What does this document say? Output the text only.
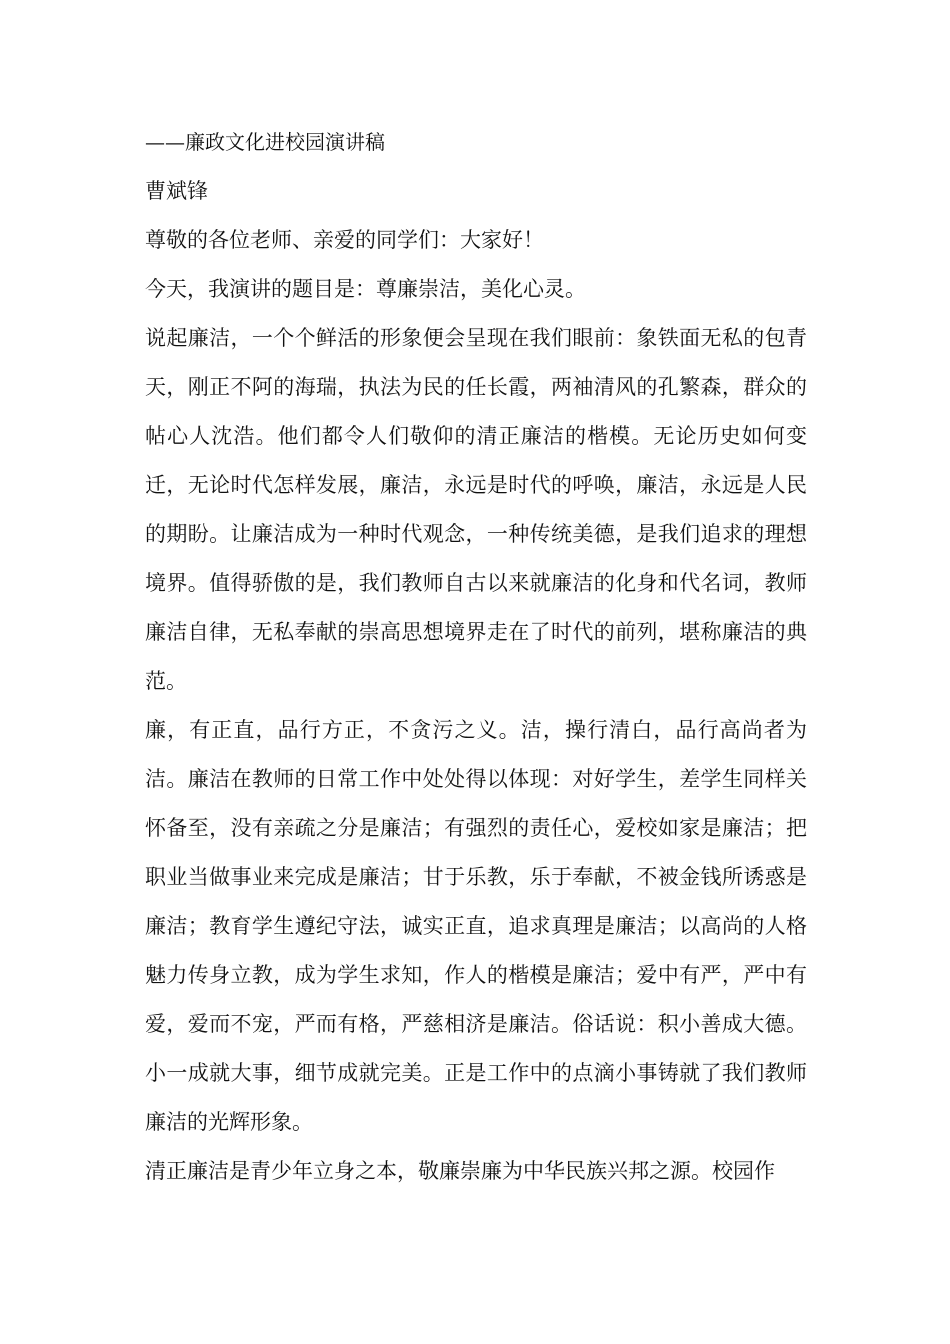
——廉政文化进校园演讲稿

曹斌锋

尊敬的各位老师、亲爱的同学们：大家好！

今天，我演讲的题目是：尊廉崇洁，美化心灵。

说起廉洁，一个个鲜活的形象便会呈现在我们眼前：象铁面无私的包青天，刚正不阿的海瑞，执法为民的任长霞，两袖清风的孔繁森，群众的帖心人沈浩。他们都令人们敬仰的清正廉洁的楷模。无论历史如何变迁，无论时代怎样发展，廉洁，永远是时代的呼唤，廉洁，永远是人民的期盼。让廉洁成为一种时代观念，一种传统美德，是我们追求的理想境界。值得骄傲的是，我们教师自古以来就廉洁的化身和代名词，教师廉洁自律，无私奉献的崇高思想境界走在了时代的前列，堪称廉洁的典范。

廉，有正直，品行方正，不贪污之义。洁，操行清白，品行高尚者为洁。廉洁在教师的日常工作中处处得以体现：对好学生，差学生同样关怀备至，没有亲疏之分是廉洁；有强烈的责任心，爱校如家是廉洁；把职业当做事业来完成是廉洁；甘于乐教，乐于奉献，不被金钱所诱惑是廉洁；教育学生遵纪守法，诚实正直，追求真理是廉洁；以高尚的人格魅力传身立教，成为学生求知，作人的楷模是廉洁；爱中有严，严中有爱，爱而不宠，严而有格，严慈相济是廉洁。俗话说：积小善成大德。小一成就大事，细节成就完美。正是工作中的点滴小事铸就了我们教师廉洁的光辉形象。

清正廉洁是青少年立身之本，敬廉崇廉为中华民族兴邦之源。校园作
